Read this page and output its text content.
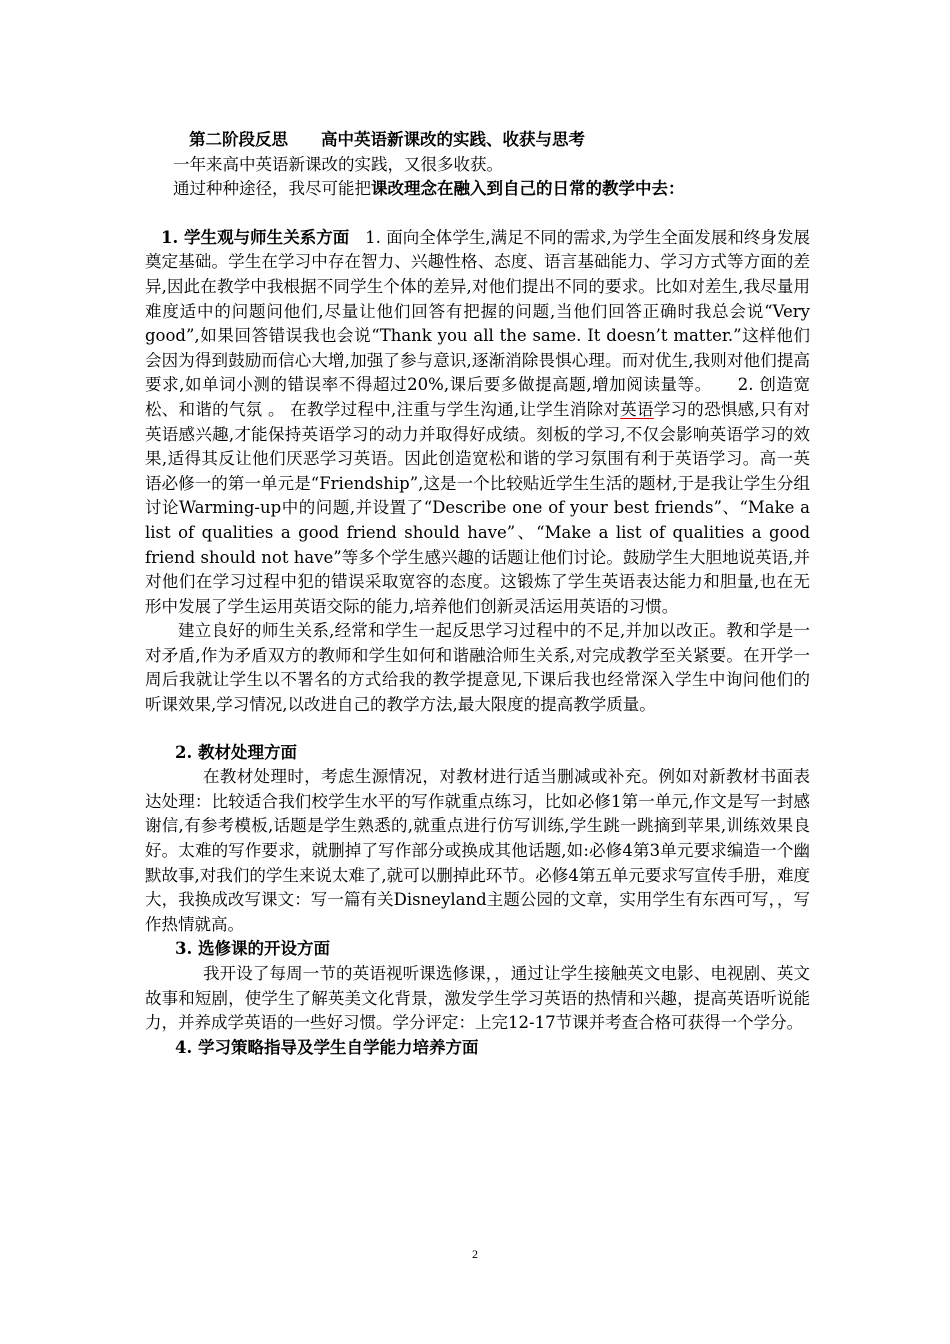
第二阶段反思　　高中英语新课改的实践、收获与思考

一年来高中英语新课改的实践，又很多收获。

通过种种途径，我尽可能把课改理念在融入到自己的日常的教学中去：

1. 学生观与师生关系方面 1. 面向全体学生,满足不同的需求,为学生全面发展和终身发展奠定基础。学生在学习中存在智力、兴趣性格、态度、语言基础能力、学习方式等方面的差异,因此在教学中我根据不同学生个体的差异,对他们提出不同的要求。比如对差生,我尽量用难度适中的问题问他们,尽量让他们回答有把握的问题,当他们回答正确时我总会说“Very good”,如果回答错误我也会说“Thank you all the same. It doesn’t matter.”这样他们会因为得到鼓励而信心大增,加强了参与意识,逐渐消除畏惧心理。而对优生,我则对他们提高要求,如单词小测的错误率不得超过20%,课后要多做提高题,增加阅读量等。　　2. 创造宽松、和谐的气氛 。 在教学过程中,注重与学生沟通,让学生消除对英语学习的恐惧感,只有对英语感兴趣,才能保持英语学习的动力并取得好成绩。刻板的学习,不仅会影响英语学习的效果,适得其反让他们厌恶学习英语。因此创造宽松和谐的学习氛围有利于英语学习。高一英语必修一的第一单元是“Friendship”,这是一个比较贴近学生生活的题材,于是我让学生分组讨论Warming-up中的问题,并设置了“Describe one of your best friends”、“Make a list of qualities a good friend should have”、“Make a list of qualities a good friend should not have”等多个学生感兴趣的话题让他们讨论。鼓励学生大胆地说英语,并对他们在学习过程中犯的错误采取宽容的态度。这锻炼了学生英语表达能力和胆量,也在无形中发展了学生运用英语交际的能力,培养他们创新灵活运用英语的习惯。

建立良好的师生关系,经常和学生一起反思学习过程中的不足,并加以改正。教和学是一对矛盾,作为矛盾双方的教师和学生如何和谐融洽师生关系,对完成教学至关紧要。在开学一周后我就让学生以不署名的方式给我的教学提意见,下课后我也经常深入学生中询问他们的听课效果,学习情况,以改进自己的教学方法,最大限度的提高教学质量。

2. 教材处理方面

在教材处理时，考虑生源情况，对教材进行适当删减或补充。例如对新教材书面表达处理：比较适合我们校学生水平的写作就重点练习，比如必修1第一单元,作文是写一封感谢信,有参考模板,话题是学生熟悉的,就重点进行仿写训练,学生跳一跳摘到苹果,训练效果良好。太难的写作要求，就删掉了写作部分或换成其他话题,如:必修4第3单元要求编造一个幽默故事,对我们的学生来说太难了,就可以删掉此环节。必修4第五单元要求写宣传手册，难度大，我换成改写课文：写一篇有关Disneyland主题公园的文章，实用学生有东西可写，，写作热情就高。

3. 选修课的开设方面

我开设了每周一节的英语视听课选修课，，通过让学生接触英文电影、电视剧、英文故事和短剧，使学生了解英美文化背景，激发学生学习英语的热情和兴趣，提高英语听说能力，并养成学英语的一些好习惯。学分评定：上完12-17节课并考查合格可获得一个学分。

4. 学习策略指导及学生自学能力培养方面

2
